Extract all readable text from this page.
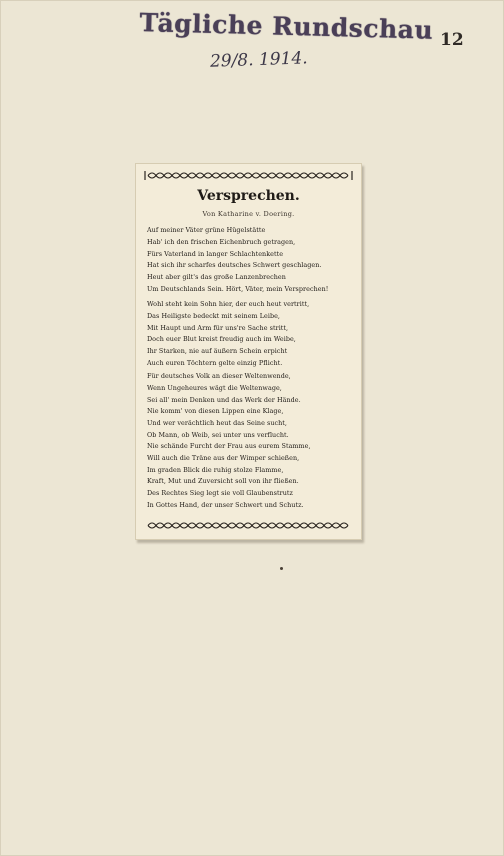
Tägliche Rundschau
29/8. 1914.
12
Versprechen.
Von Katharine v. Doering.
Auf meiner Väter grüne Hügelstätte
Hab' ich den frischen Eichenbruch getragen,
Fürs Vaterland in langer Schlachtenkette
Hat sich ihr scharfes deutsches Schwert geschlagen.
Heut aber gilt's das große Lanzenbrechen
Um Deutschlands Sein. Hört, Väter, mein Versprechen!
Wohl steht kein Sohn hier, der euch heut vertritt,
Das Heiligste bedeckt mit seinem Leibe,
Mit Haupt und Arm für uns're Sache stritt,
Doch euer Blut kreist freudig auch im Weibe,
Ihr Starken, nie auf äußern Schein erpicht
Auch euren Töchtern gelte einzig Pflicht.
Für deutsches Volk an dieser Weltenwende,
Wenn Ungeheures wägt die Weltenwage,
Sei all' mein Denken und das Werk der Hände.
Nie komm' von diesen Lippen eine Klage,
Und wer verächtlich heut das Seine sucht,
Ob Mann, ob Weib, sei unter uns verflucht.
Nie schände Furcht der Frau aus eurem Stamme,
Will auch die Träne aus der Wimper schießen,
Im graden Blick die ruhig stolze Flamme,
Kraft, Mut und Zuversicht soll von ihr fließen.
Des Rechtes Sieg legt sie voll Glaubenstrutz
In Gottes Hand, der unser Schwert und Schutz.
